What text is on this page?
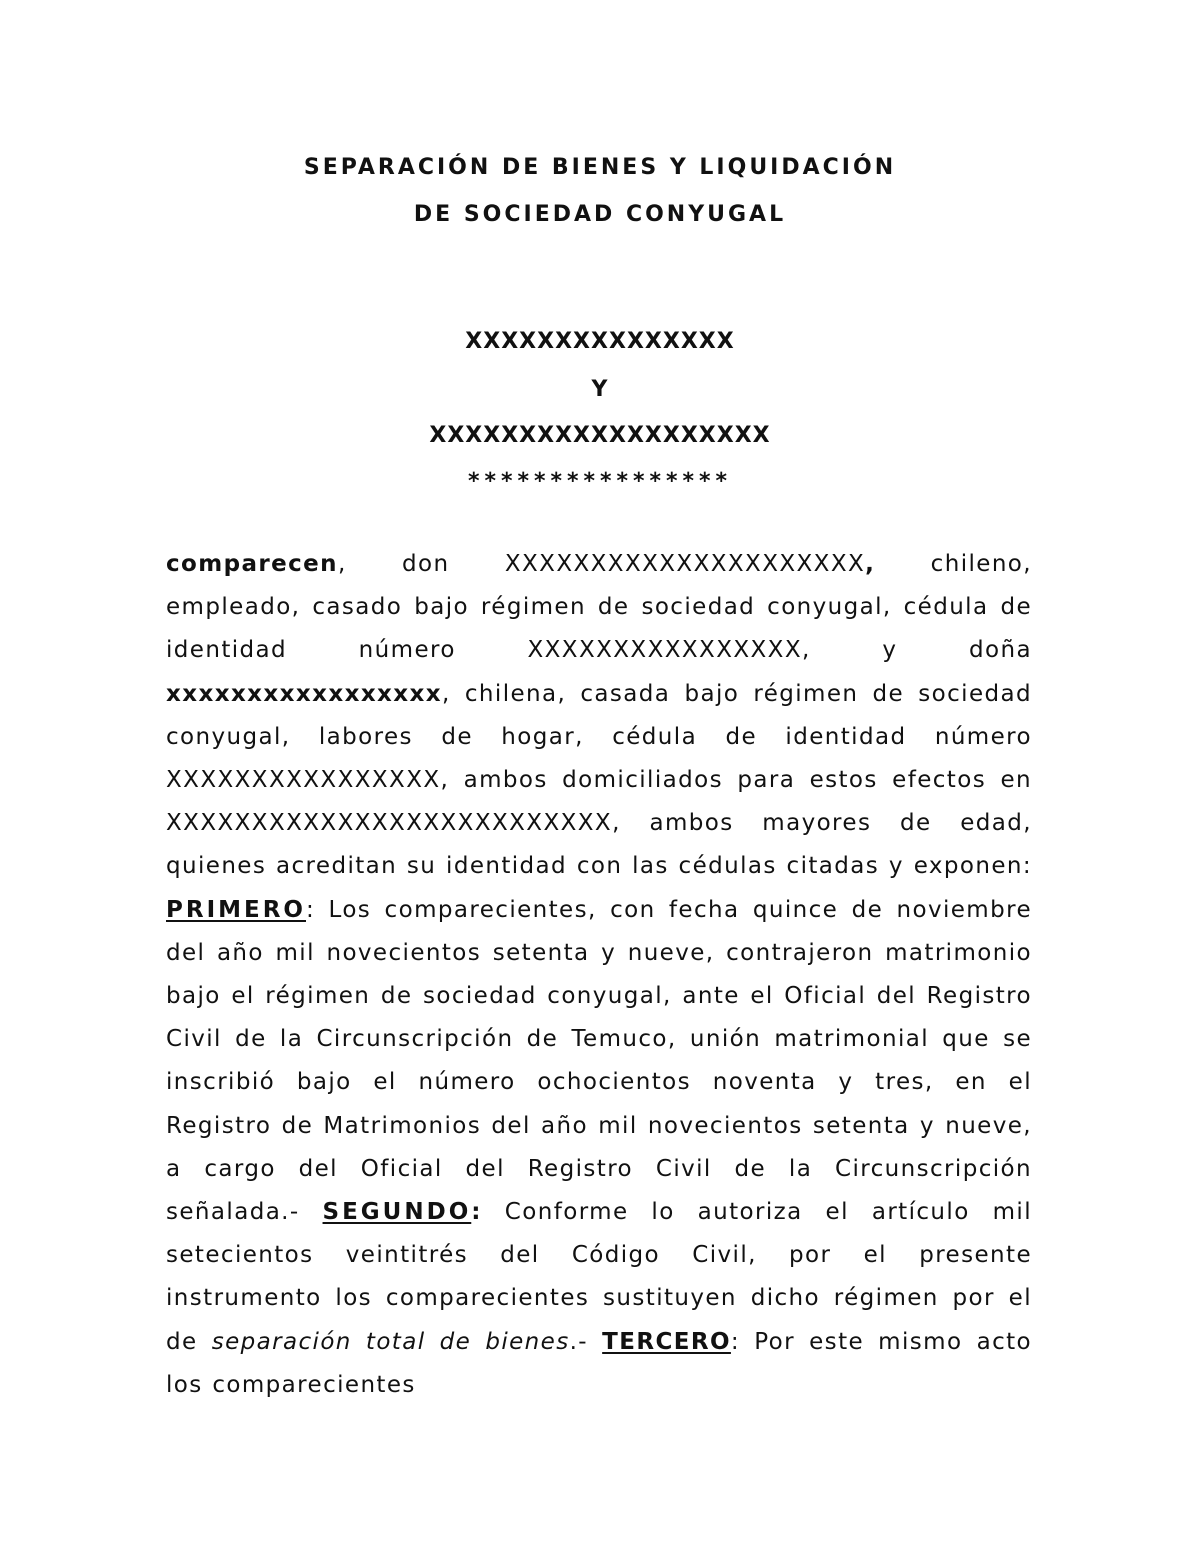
SEPARACIÓN DE BIENES Y LIQUIDACIÓN
DE SOCIEDAD CONYUGAL
XXXXXXXXXXXXXXX
Y
XXXXXXXXXXXXXXXXXXX
****************
comparecen, don XXXXXXXXXXXXXXXXXXXXX, chileno, empleado, casado bajo régimen de sociedad conyugal, cédula de identidad número XXXXXXXXXXXXXXXX, y doña xxxxxxxxxxxxxxxxx, chilena, casada bajo régimen de sociedad conyugal, labores de hogar, cédula de identidad número XXXXXXXXXXXXXXXX, ambos domiciliados para estos efectos en XXXXXXXXXXXXXXXXXXXXXXXXXX, ambos mayores de edad, quienes acreditan su identidad con las cédulas citadas y exponen: PRIMERO: Los comparecientes, con fecha quince de noviembre del año mil novecientos setenta y nueve, contrajeron matrimonio bajo el régimen de sociedad conyugal, ante el Oficial del Registro Civil de la Circunscripción de Temuco, unión matrimonial que se inscribió bajo el número ochocientos noventa y tres, en el Registro de Matrimonios del año mil novecientos setenta y nueve, a cargo del Oficial del Registro Civil de la Circunscripción señalada.- SEGUNDO: Conforme lo autoriza el artículo mil setecientos veintitrés del Código Civil, por el presente instrumento los comparecientes sustituyen dicho régimen por el de separación total de bienes.- TERCERO: Por este mismo acto los comparecientes
